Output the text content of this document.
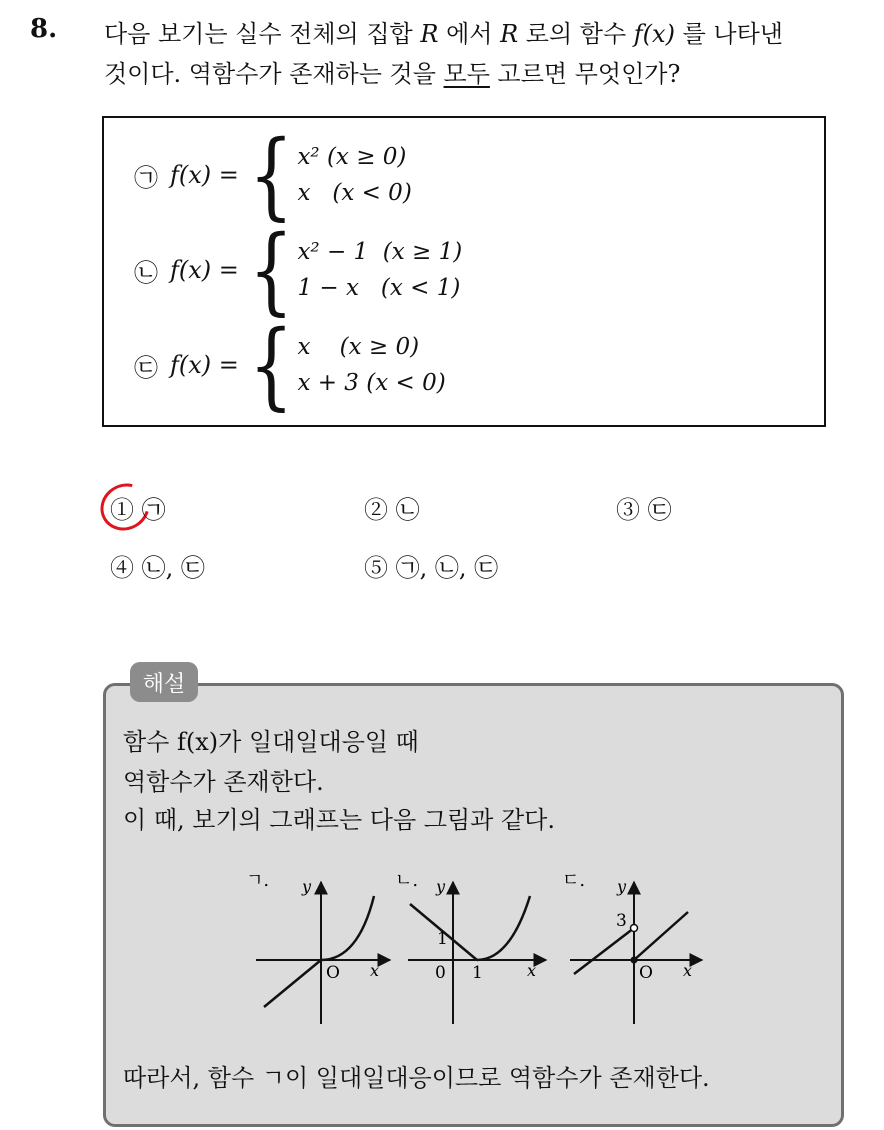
8. 다음 보기는 실수 전체의 집합 R 에서 R 로의 함수 f(x) 를 나타낸
것이다. 역함수가 존재하는 것을 모두 고르면 무엇인가?
㉠ f(x) = { x² (x ≥ 0)
x   (x < 0)
㉡ f(x) = { x² − 1  (x ≥ 1)
1 − x   (x < 1)
㉢ f(x) = { x    (x ≥ 0)
x + 3 (x < 0)
① ㉠	② ㉡	③ ㉢
④ ㉡, ㉢	⑤ ㉠, ㉡, ㉢
해설
함수 f(x)가 일대일대응일 때
역함수가 존재한다.
이 때, 보기의 그래프는 다음 그림과 같다.
ㄱ. y
O x
ㄴ. y
1
0 1	x
ㄷ. y
3
O x
따라서, 함수 ㄱ이 일대일대응이므로 역함수가 존재한다.
